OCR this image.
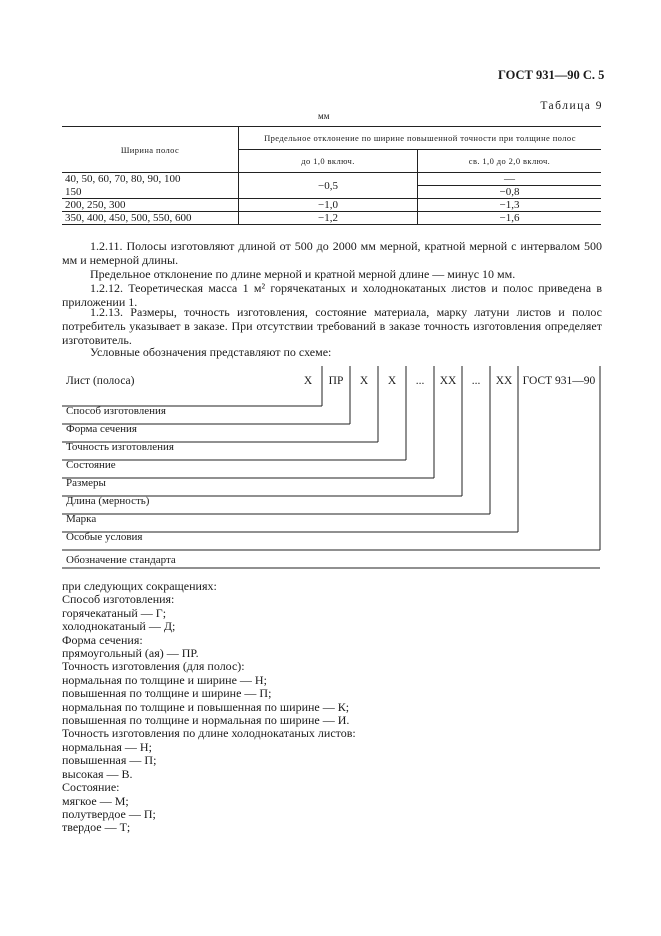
ГОСТ 931—90 С. 5
Таблица 9
мм
Ширина полос	Предельное отклонение по ширине повышенной точности при толщине полос	
	до 1,0 включ.	св. 1,0 до 2,0 включ.
40, 50, 60, 70, 80, 90, 100	−0,5	—
150		−0,8
200, 250, 300	−1,0	−1,3
350, 400, 450, 500, 550, 600	−1,2	−1,6
1.2.11. Полосы изготовляют длиной от 500 до 2000 мм мерной, кратной мерной с интервалом 500 мм и немерной длины.
Предельное отклонение по длине мерной и кратной мерной длине — минус 10 мм.
1.2.12. Теоретическая масса 1 м² горячекатаных и холоднокатаных листов и полос приведена в приложении 1.
1.2.13. Размеры, точность изготовления, состояние материала, марку латуни листов и полос потребитель указывает в заказе. При отсутствии требований в заказе точность изготовления определяет изготовитель.
Условные обозначения представляют по схеме:
Лист (полоса)	Х ПР Х Х ... ХХ ... ХХ ГОСТ 931—90
Способ изготовления
Форма сечения
Точность изготовления
Состояние
Размеры
Длина (мерность)
Марка
Особые условия
Обозначение стандарта
при следующих сокращениях:
Способ изготовления:
горячекатаный — Г;
холоднокатаный — Д;
Форма сечения:
прямоугольный (ая) — ПР.
Точность изготовления (для полос):
нормальная по толщине и ширине — Н;
повышенная по толщине и ширине — П;
нормальная по толщине и повышенная по ширине — К;
повышенная по толщине и нормальная по ширине — И.
Точность изготовления по длине холоднокатаных листов:
нормальная — Н;
повышенная — П;
высокая — В.
Состояние:
мягкое — М;
полутвердое — П;
твердое — Т;
